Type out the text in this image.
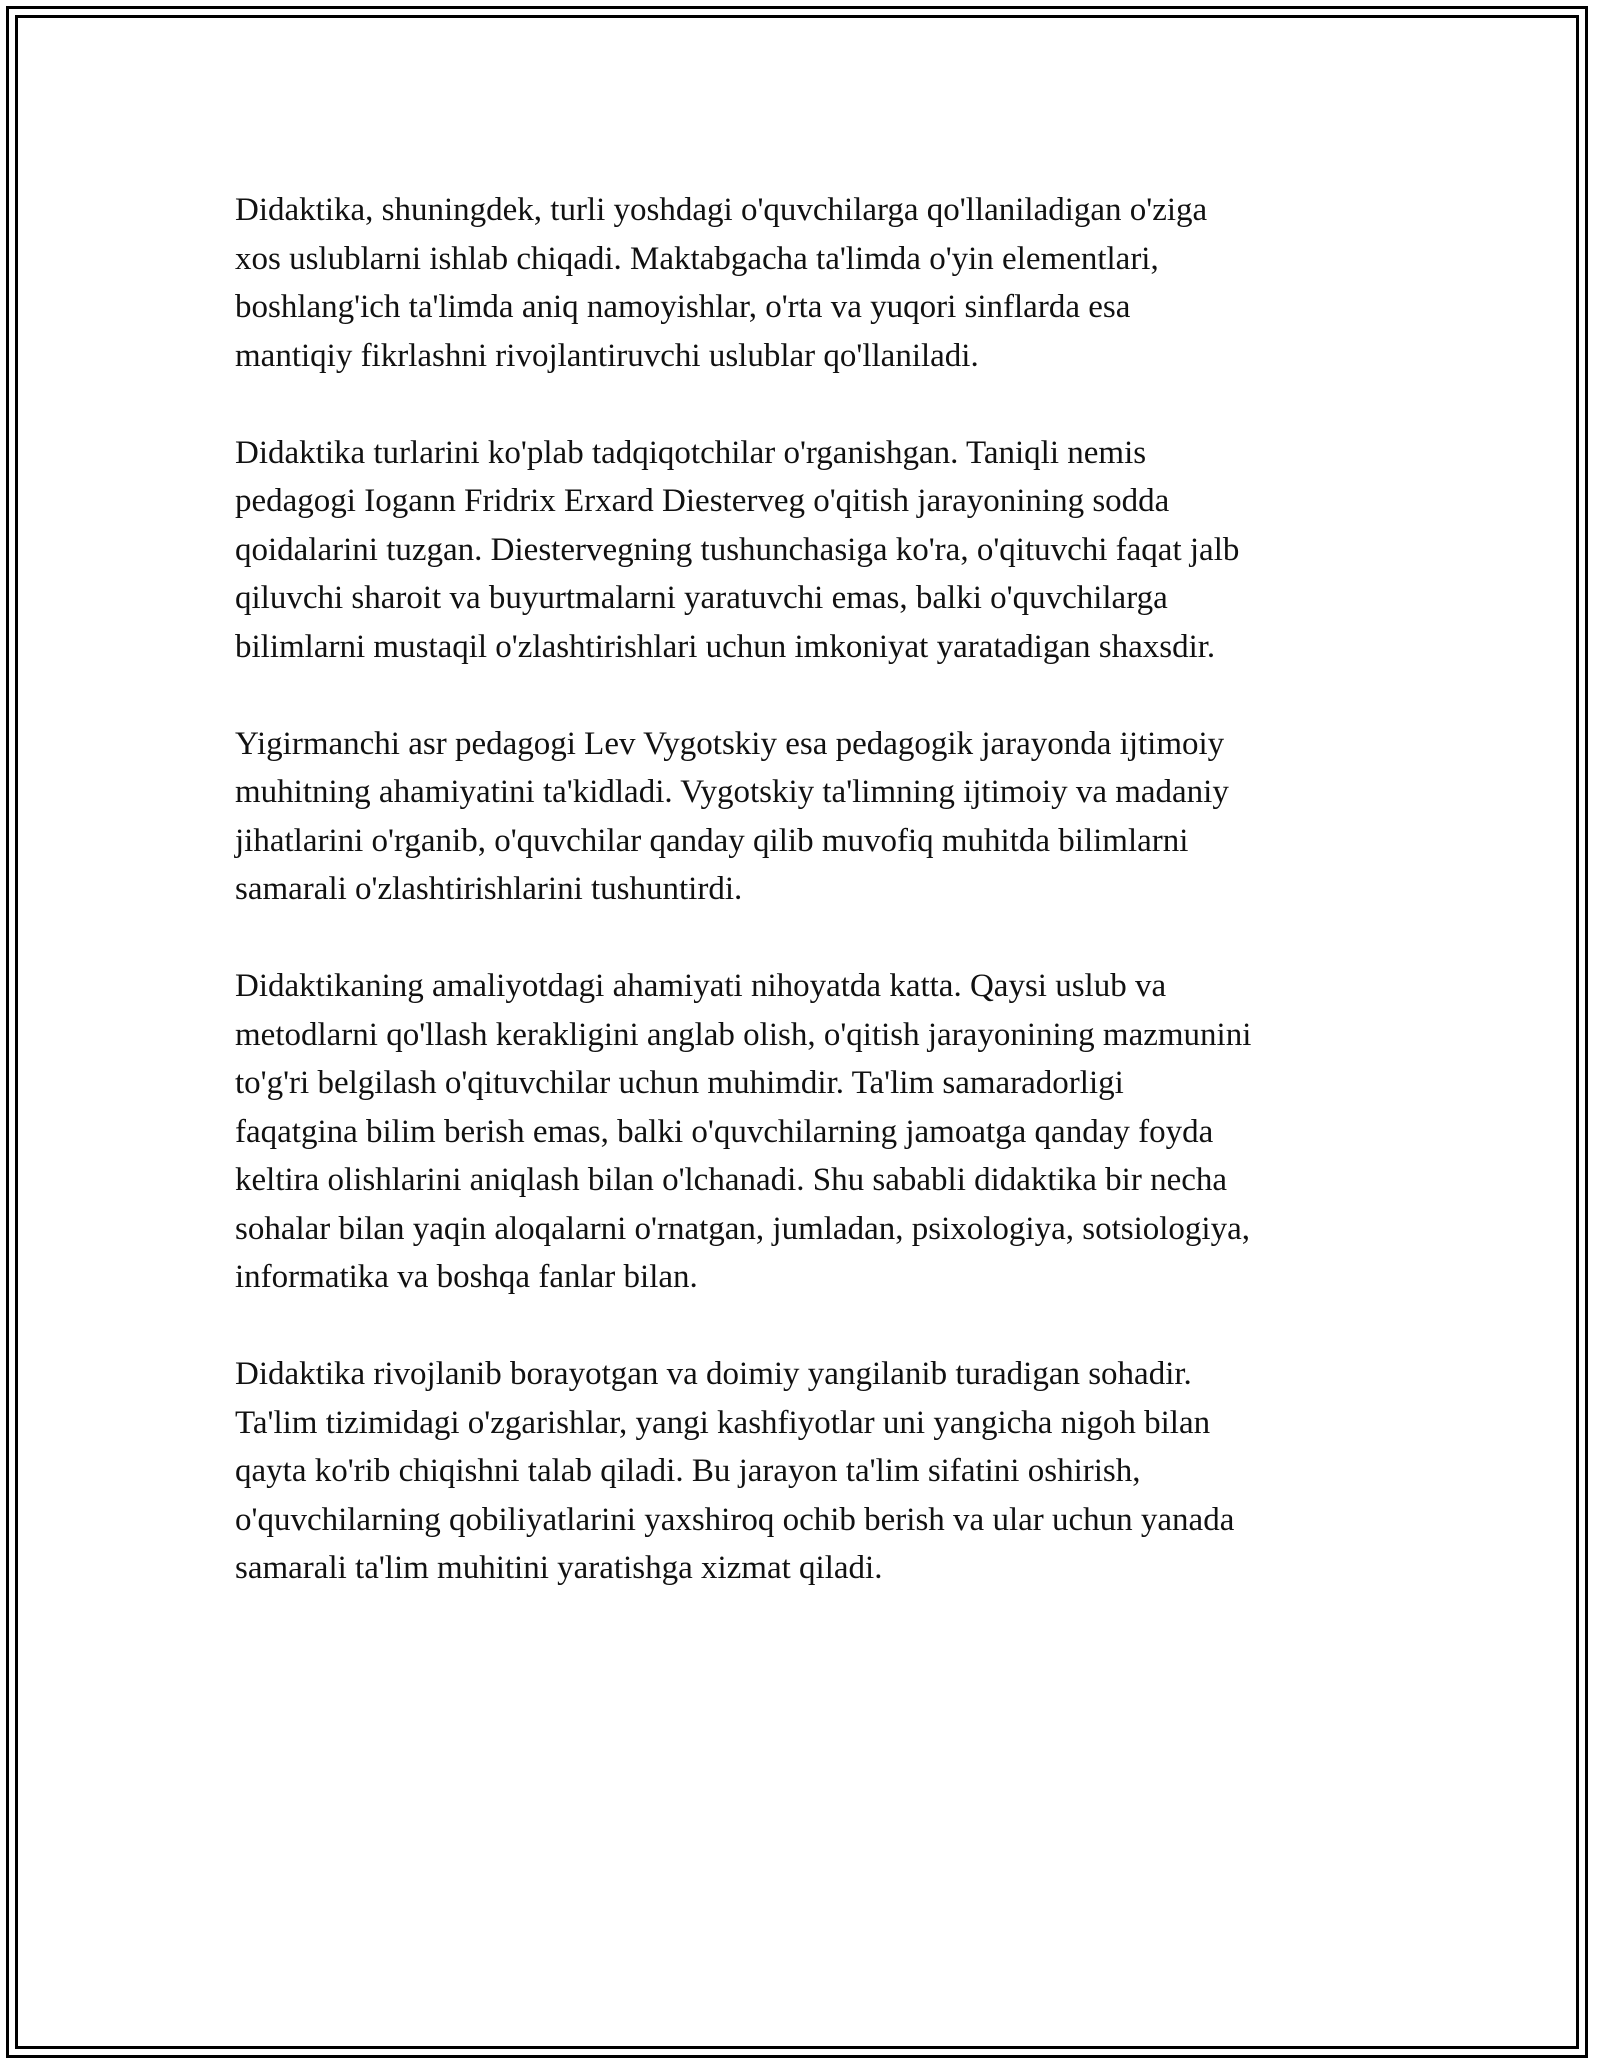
Didaktika, shuningdek, turli yoshdagi o'quvchilarga qo'llaniladigan o'ziga
xos uslublarni ishlab chiqadi. Maktabgacha ta'limda o'yin elementlari,
boshlang'ich ta'limda aniq namoyishlar, o'rta va yuqori sinflarda esa
mantiqiy fikrlashni rivojlantiruvchi uslublar qo'llaniladi.

Didaktika turlarini ko'plab tadqiqotchilar o'rganishgan. Taniqli nemis
pedagogi Iogann Fridrix Erxard Diesterveg o'qitish jarayonining sodda
qoidalarini tuzgan. Diestervegning tushunchasiga ko'ra, o'qituvchi faqat jalb
qiluvchi sharoit va buyurtmalarni yaratuvchi emas, balki o'quvchilarga
bilimlarni mustaqil o'zlashtirishlari uchun imkoniyat yaratadigan shaxsdir.

Yigirmanchi asr pedagogi Lev Vygotskiy esa pedagogik jarayonda ijtimoiy
muhitning ahamiyatini ta'kidladi. Vygotskiy ta'limning ijtimoiy va madaniy
jihatlarini o'rganib, o'quvchilar qanday qilib muvofiq muhitda bilimlarni
samarali o'zlashtirishlarini tushuntirdi.

Didaktikaning amaliyotdagi ahamiyati nihoyatda katta. Qaysi uslub va
metodlarni qo'llash kerakligini anglab olish, o'qitish jarayonining mazmunini
to'g'ri belgilash o'qituvchilar uchun muhimdir. Ta'lim samaradorligi
faqatgina bilim berish emas, balki o'quvchilarning jamoatga qanday foyda
keltira olishlarini aniqlash bilan o'lchanadi. Shu sababli didaktika bir necha
sohalar bilan yaqin aloqalarni o'rnatgan, jumladan, psixologiya, sotsiologiya,
informatika va boshqa fanlar bilan.

Didaktika rivojlanib borayotgan va doimiy yangilanib turadigan sohadir.
Ta'lim tizimidagi o'zgarishlar, yangi kashfiyotlar uni yangicha nigoh bilan
qayta ko'rib chiqishni talab qiladi. Bu jarayon ta'lim sifatini oshirish,
o'quvchilarning qobiliyatlarini yaxshiroq ochib berish va ular uchun yanada
samarali ta'lim muhitini yaratishga xizmat qiladi.
